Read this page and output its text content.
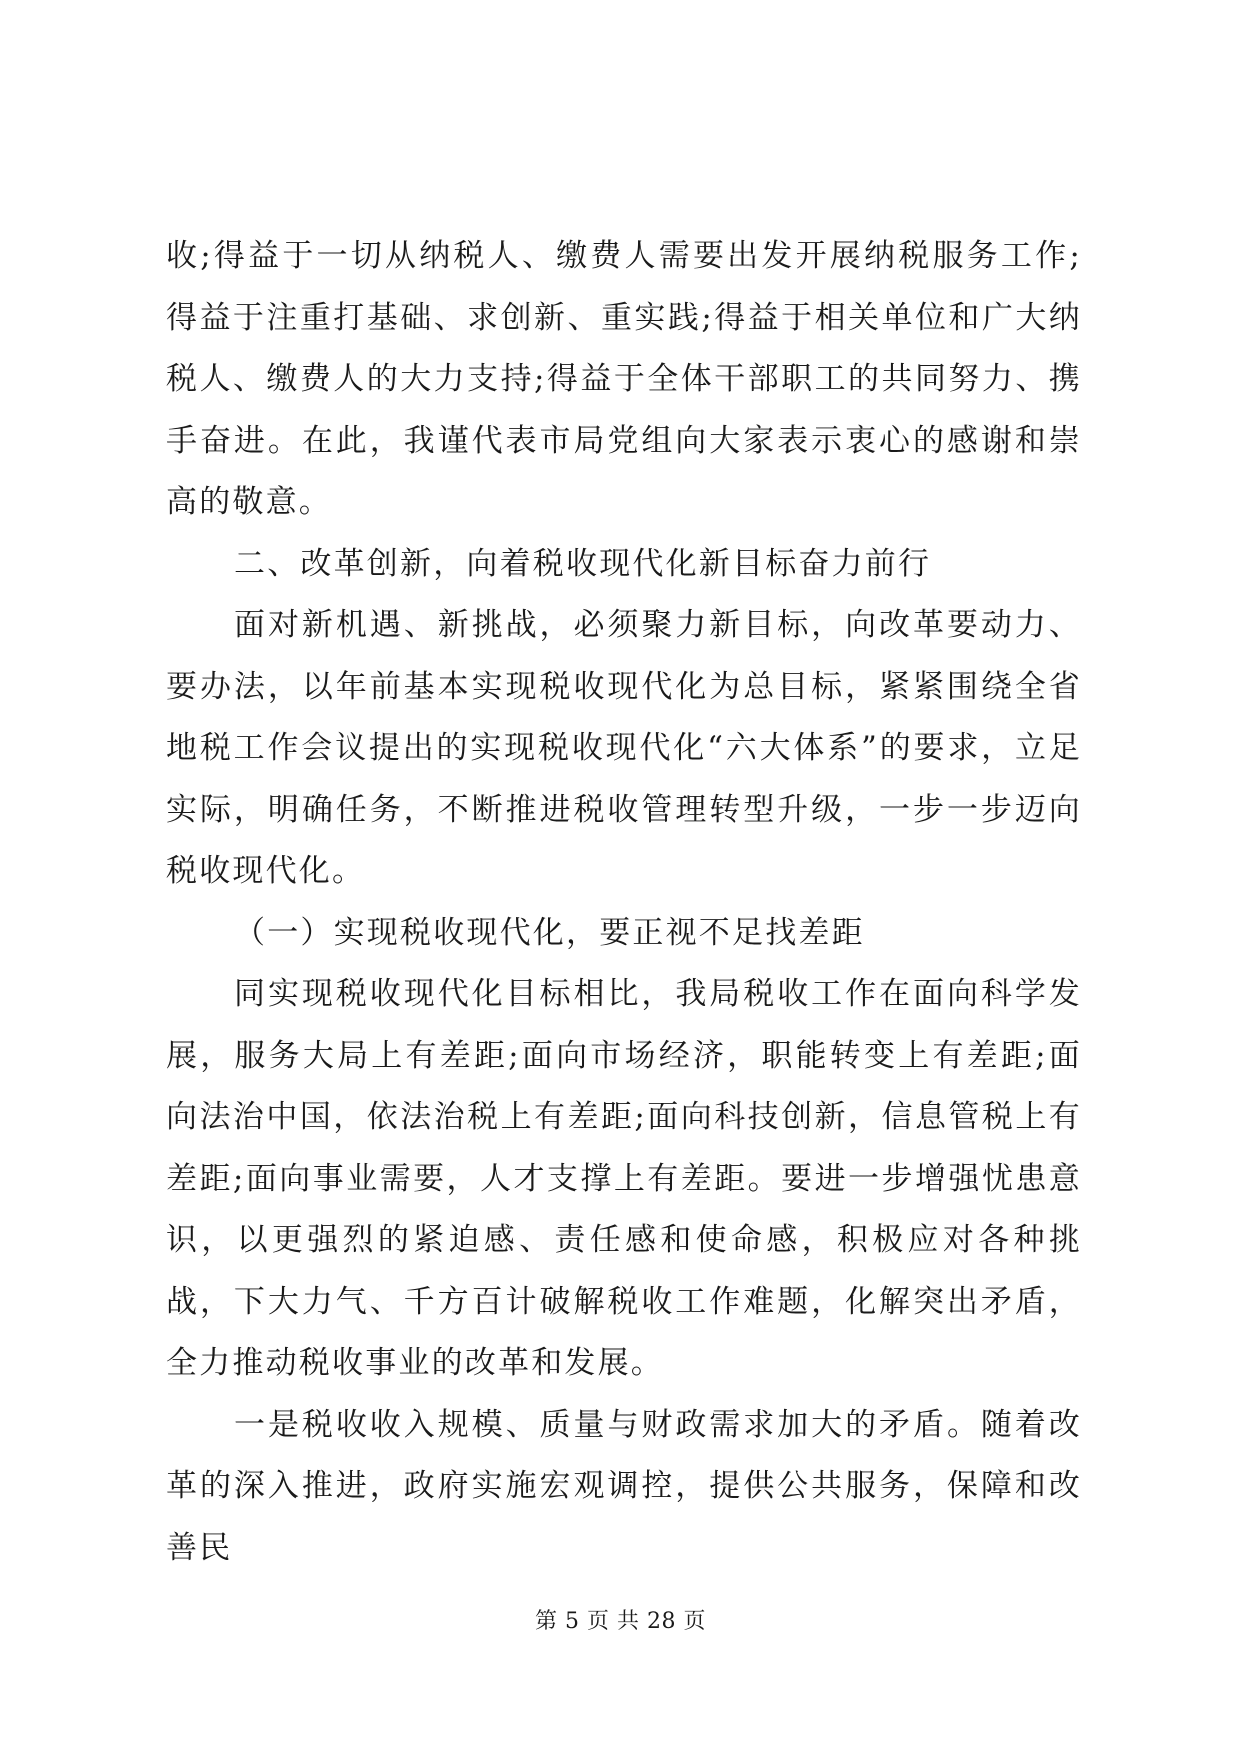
收;得益于一切从纳税人、缴费人需要出发开展纳税服务工作;得益于注重打基础、求创新、重实践;得益于相关单位和广大纳税人、缴费人的大力支持;得益于全体干部职工的共同努力、携手奋进。在此，我谨代表市局党组向大家表示衷心的感谢和崇高的敬意。

二、改革创新，向着税收现代化新目标奋力前行

面对新机遇、新挑战，必须聚力新目标，向改革要动力、要办法，以年前基本实现税收现代化为总目标，紧紧围绕全省地税工作会议提出的实现税收现代化“六大体系”的要求，立足实际，明确任务，不断推进税收管理转型升级，一步一步迈向税收现代化。

（一）实现税收现代化，要正视不足找差距

同实现税收现代化目标相比，我局税收工作在面向科学发展，服务大局上有差距;面向市场经济，职能转变上有差距;面向法治中国，依法治税上有差距;面向科技创新，信息管税上有差距;面向事业需要，人才支撑上有差距。要进一步增强忧患意识，以更强烈的紧迫感、责任感和使命感，积极应对各种挑战，下大力气、千方百计破解税收工作难题，化解突出矛盾，全力推动税收事业的改革和发展。

一是税收收入规模、质量与财政需求加大的矛盾。随着改革的深入推进，政府实施宏观调控，提供公共服务，保障和改善民

第 5 页 共 28 页
